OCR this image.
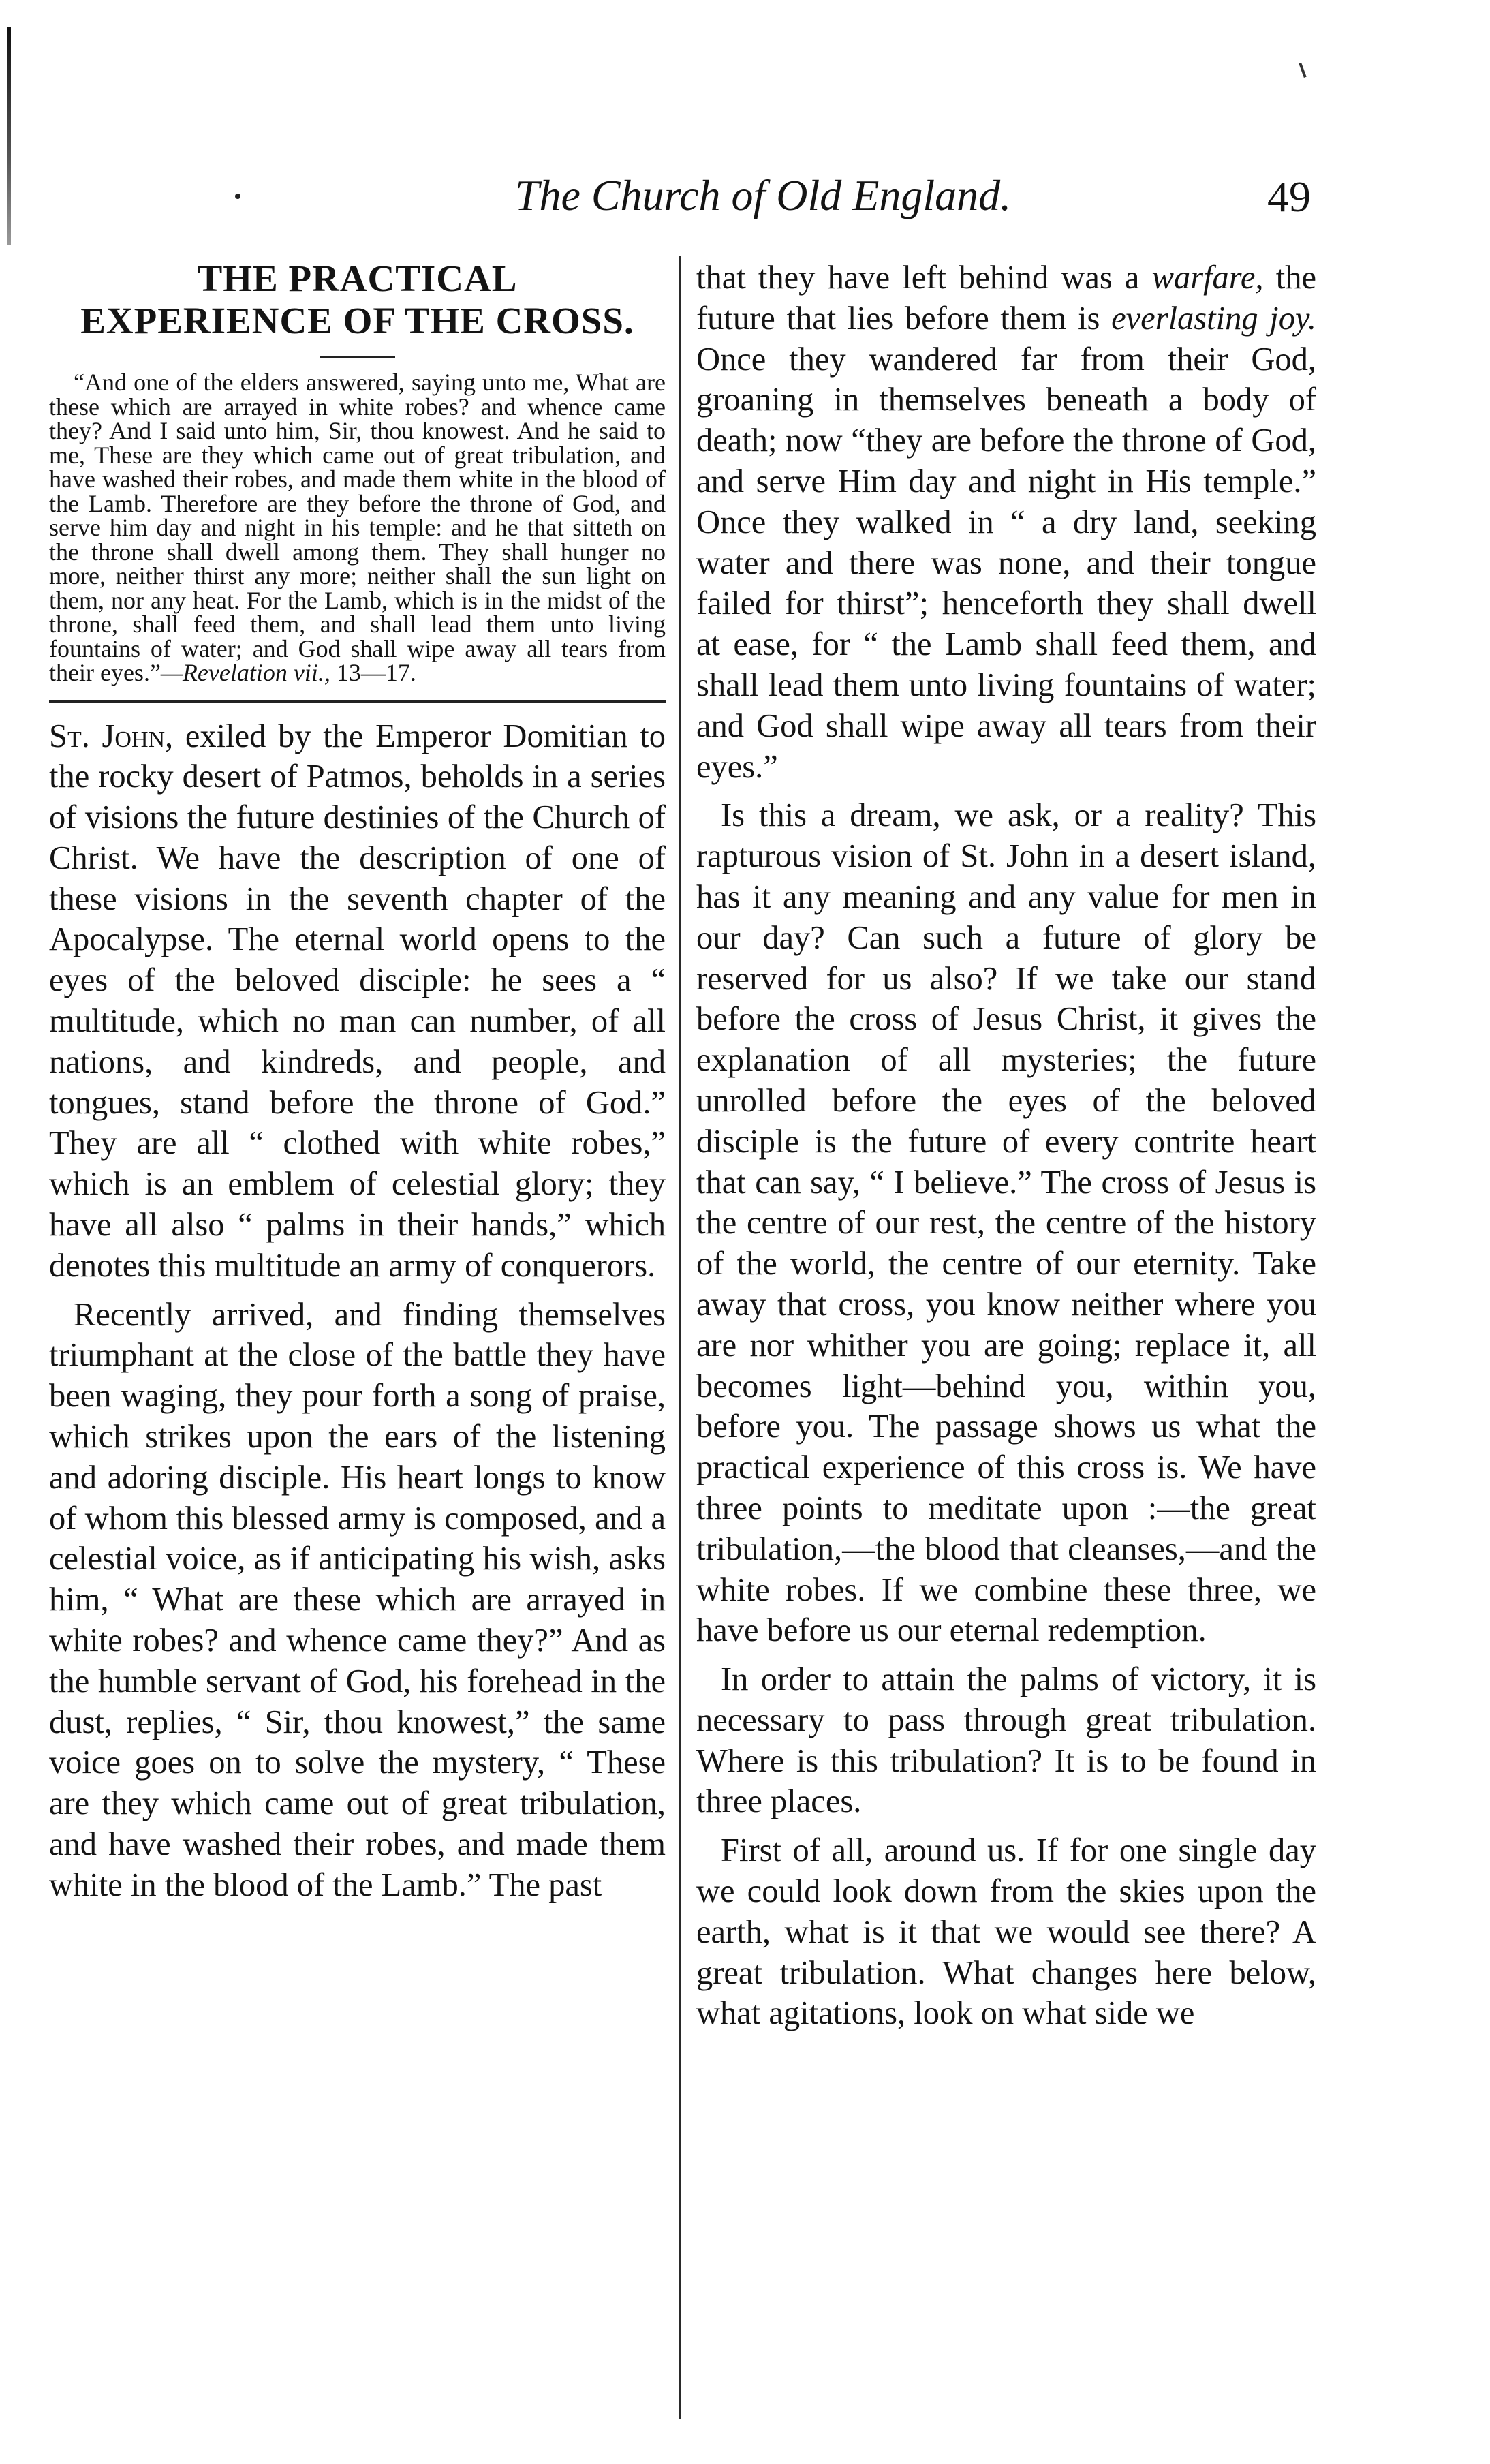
The Church of Old England.	49
THE PRACTICAL
EXPERIENCE OF THE CROSS.

“And one of the elders answered, saying unto me, What are these which are arrayed in white robes? and whence came they? And I said unto him, Sir, thou knowest. And he said to me, These are they which came out of great tribulation, and have washed their robes, and made them white in the blood of the Lamb. Therefore are they before the throne of God, and serve him day and night in his temple: and he that sitteth on the throne shall dwell among them. They shall hunger no more, neither thirst any more; neither shall the sun light on them, nor any heat. For the Lamb, which is in the midst of the throne, shall feed them, and shall lead them unto living fountains of water; and God shall wipe away all tears from their eyes.”—Revelation vii., 13—17.

St. John, exiled by the Emperor Domitian to the rocky desert of Patmos, beholds in a series of visions the future destinies of the Church of Christ. We have the description of one of these visions in the seventh chapter of the Apocalypse. The eternal world opens to the eyes of the beloved disciple: he sees a “ multitude, which no man can number, of all nations, and kindreds, and people, and tongues, stand before the throne of God.” They are all “ clothed with white robes,” which is an emblem of celestial glory; they have all also “ palms in their hands,” which denotes this multitude an army of conquerors.

Recently arrived, and finding themselves triumphant at the close of the battle they have been waging, they pour forth a song of praise, which strikes upon the ears of the listening and adoring disciple. His heart longs to know of whom this blessed army is composed, and a celestial voice, as if anticipating his wish, asks him, “ What are these which are arrayed in white robes? and whence came they?” And as the humble servant of God, his forehead in the dust, replies, “ Sir, thou knowest,” the same voice goes on to solve the mystery, “ These are they which came out of great tribulation, and have washed their robes, and made them white in the blood of the Lamb.” The past

that they have left behind was a warfare, the future that lies before them is everlasting joy. Once they wandered far from their God, groaning in themselves beneath a body of death; now “they are before the throne of God, and serve Him day and night in His temple.” Once they walked in “ a dry land, seeking water and there was none, and their tongue failed for thirst”; henceforth they shall dwell at ease, for “ the Lamb shall feed them, and shall lead them unto living fountains of water; and God shall wipe away all tears from their eyes.”

Is this a dream, we ask, or a reality? This rapturous vision of St. John in a desert island, has it any meaning and any value for men in our day? Can such a future of glory be reserved for us also? If we take our stand before the cross of Jesus Christ, it gives the explanation of all mysteries; the future unrolled before the eyes of the beloved disciple is the future of every contrite heart that can say, “ I believe.” The cross of Jesus is the centre of our rest, the centre of the history of the world, the centre of our eternity. Take away that cross, you know neither where you are nor whither you are going; replace it, all becomes light—behind you, within you, before you. The passage shows us what the practical experience of this cross is. We have three points to meditate upon :—the great tribulation,—the blood that cleanses,—and the white robes. If we combine these three, we have before us our eternal redemption.

In order to attain the palms of victory, it is necessary to pass through great tribulation. Where is this tribulation? It is to be found in three places.

First of all, around us. If for one single day we could look down from the skies upon the earth, what is it that we would see there? A great tribulation. What changes here below, what agitations, look on what side we
